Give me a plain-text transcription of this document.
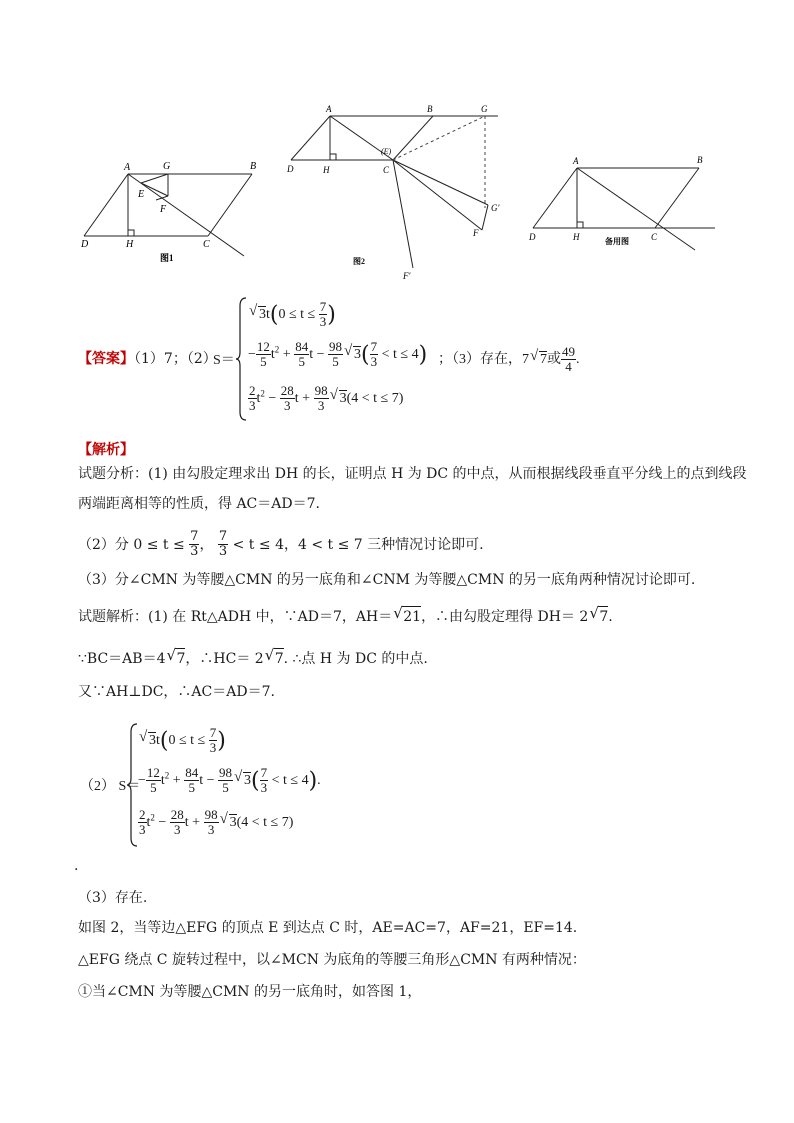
A	G	B
E
F
D	H	C
图1
A	B	G
(E)
D	H	C
G′
F
F′
图2
A	B
D	H	C
备用图
【答案】（1）7；（2）
S＝
√ $3t(0 \le t \le \frac{7}{3}$ )
− $\frac{12}{5} t^2 + \frac{84}{5}$ $t - \frac{98}{5}$ √ $3( \frac{7}{3} < t \le 4)$
$\frac{2}{3} t^2 - \frac{28}{3}$ $t + \frac{98}{3}$ √ 3(4 < t ≤ 7)
；（3）存在，7 √ 7或 $\frac{49}{4}$ .
【解析】
试题分析：(1) 由勾股定理求出 DH 的长，证明点 H 为 DC 的中点，从而根据线段垂直平分线上的点到线段
两端距离相等的性质，得 AC＝AD＝7.
（2）分 $0 \le t \le \frac{7}{3}$ ， $\frac{7}{3} < t \le 4$，4 < t ≤ 7 三种情况讨论即可.
（3）分∠CMN 为等腰△CMN 的另一底角和∠CNM 为等腰△CMN 的另一底角两种情况讨论即可.
试题解析：(1) 在 Rt△ADH 中，∵AD＝7，AH＝ √ 21，∴由勾股定理得 DH＝ 2 √ 7.
∵BC＝AB＝4 √ 7，∴HC＝ 2 √ 7. ∴点 H 为 DC 的中点.
又∵AH⊥DC，∴AC＝AD＝7.
（2） S＝
√ $3t(0 \le t \le \frac{7}{3}$ )
− $\frac{12}{5} t^2 + \frac{84}{5}$ $t - \frac{98}{5}$ √ $3( \frac{7}{3} < t \le 4)$.
$\frac{2}{3} t^2 - \frac{28}{3}$ $t + \frac{98}{3}$ √ 3(4 < t ≤ 7)
.
（3）存在.
如图 2，当等边△EFG 的顶点 E 到达点 C 时，AE=AC=7，AF=21，EF=14.
△EFG 绕点 C 旋转过程中，以∠MCN 为底角的等腰三角形△CMN 有两种情况：
①当∠CMN 为等腰△CMN 的另一底角时，如答图 1，
